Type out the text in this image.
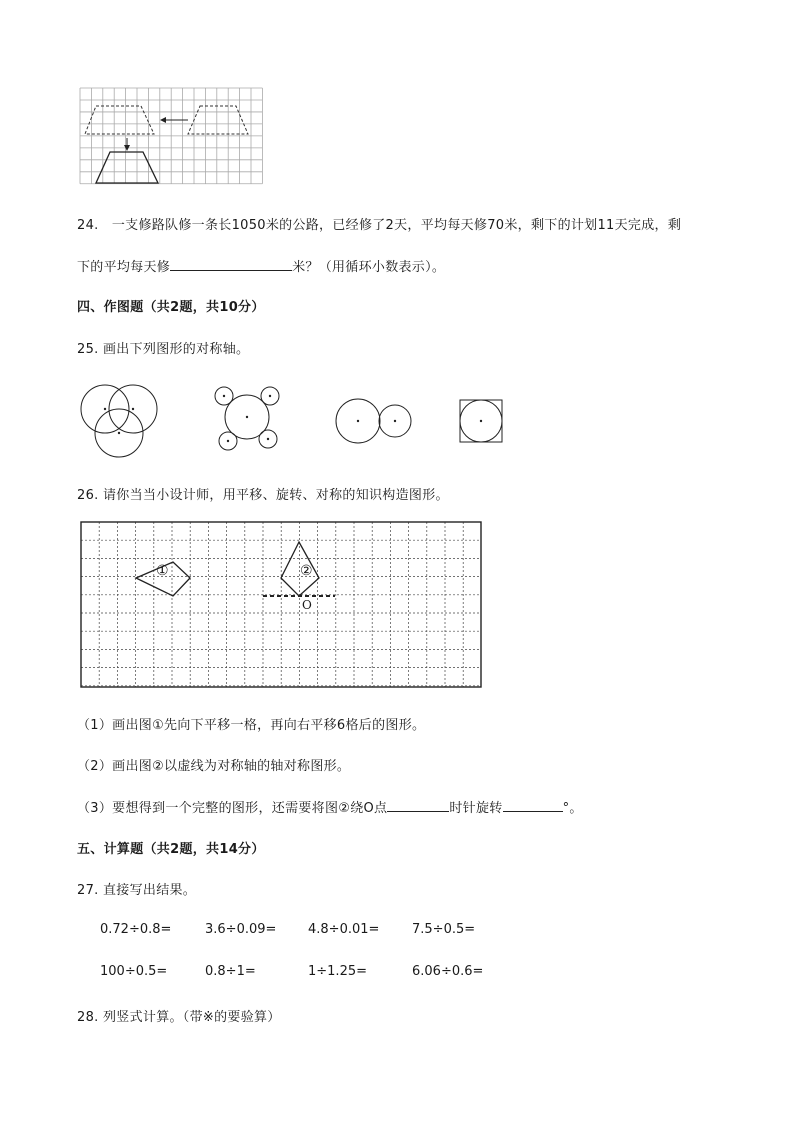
24.　一支修路队修一条长1050米的公路，已经修了2天，平均每天修70米，剩下的计划11天完成，剩
下的平均每天修	米？（用循环小数表示）。
四、作图题（共2题，共10分）
25. 画出下列图形的对称轴。
26. 请你当当小设计师，用平移、旋转、对称的知识构造图形。
①	②
O
（1）画出图①先向下平移一格，再向右平移6格后的图形。
（2）画出图②以虚线为对称轴的轴对称图形。
（3）要想得到一个完整的图形，还需要将图②绕O点	时针旋转	°。
五、计算题（共2题，共14分）
27. 直接写出结果。
0.72÷0.8=	3.6÷0.09= 4.8÷0.01=	7.5÷0.5=
100÷0.5=	0.8÷1=	1÷1.25=	6.06÷0.6=
28. 列竖式计算。（带※的要验算）
